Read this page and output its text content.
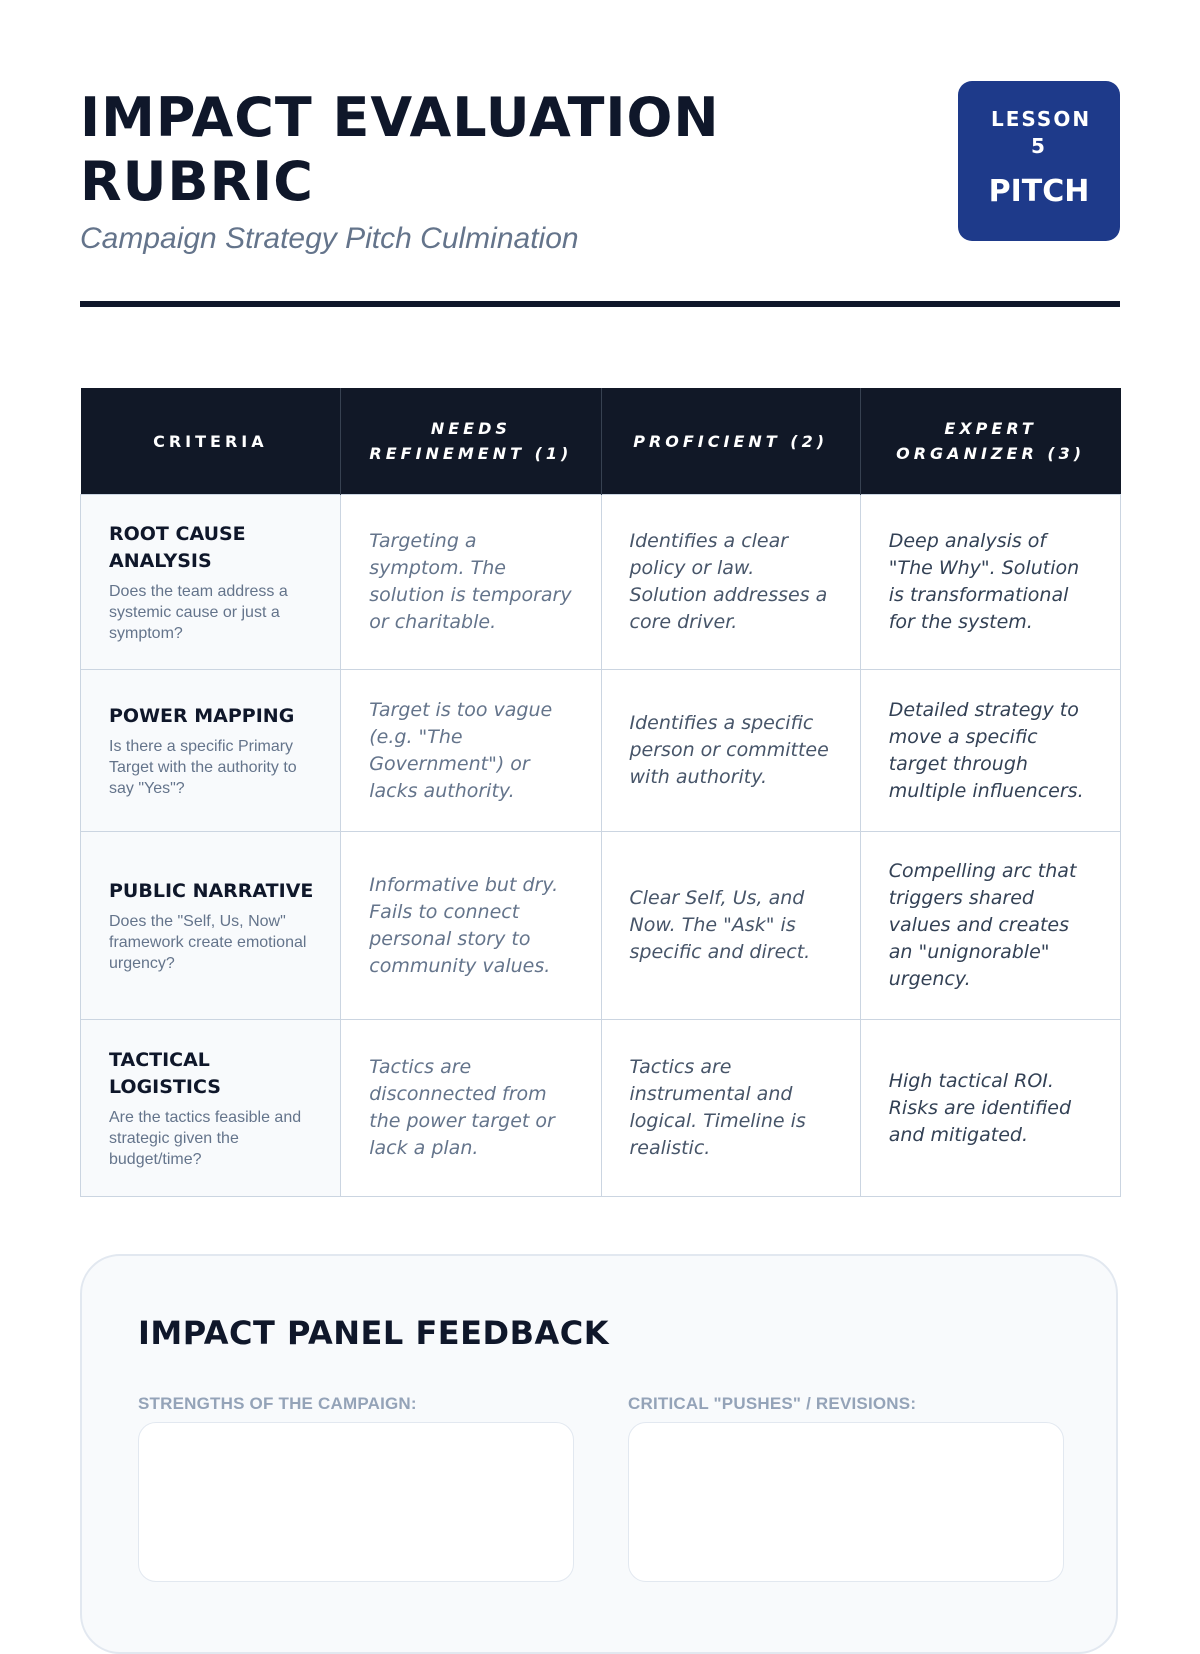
IMPACT EVALUATION RUBRIC
Campaign Strategy Pitch Culmination
LESSON 5
PITCH
CRITERIA	NEEDS REFINEMENT (1)	PROFICIENT (2)	EXPERT ORGANIZER (3)

ROOT CAUSE ANALYSIS
Does the team address a systemic cause or just a symptom?	Targeting a symptom. The solution is temporary or charitable.	Identifies a clear policy or law. Solution addresses a core driver.	Deep analysis of "The Why". Solution is transformational for the system.

POWER MAPPING
Is there a specific Primary Target with the authority to say "Yes"?	Target is too vague (e.g. "The Government") or lacks authority.	Identifies a specific person or committee with authority.	Detailed strategy to move a specific target through multiple influencers.

PUBLIC NARRATIVE
Does the "Self, Us, Now" framework create emotional urgency?	Informative but dry. Fails to connect personal story to community values.	Clear Self, Us, and Now. The "Ask" is specific and direct.	Compelling arc that triggers shared values and creates an "unignorable" urgency.

TACTICAL LOGISTICS
Are the tactics feasible and strategic given the budget/time?	Tactics are disconnected from the power target or lack a plan.	Tactics are instrumental and logical. Timeline is realistic.	High tactical ROI. Risks are identified and mitigated.
IMPACT PANEL FEEDBACK
STRENGTHS OF THE CAMPAIGN:	CRITICAL "PUSHES" / REVISIONS:
